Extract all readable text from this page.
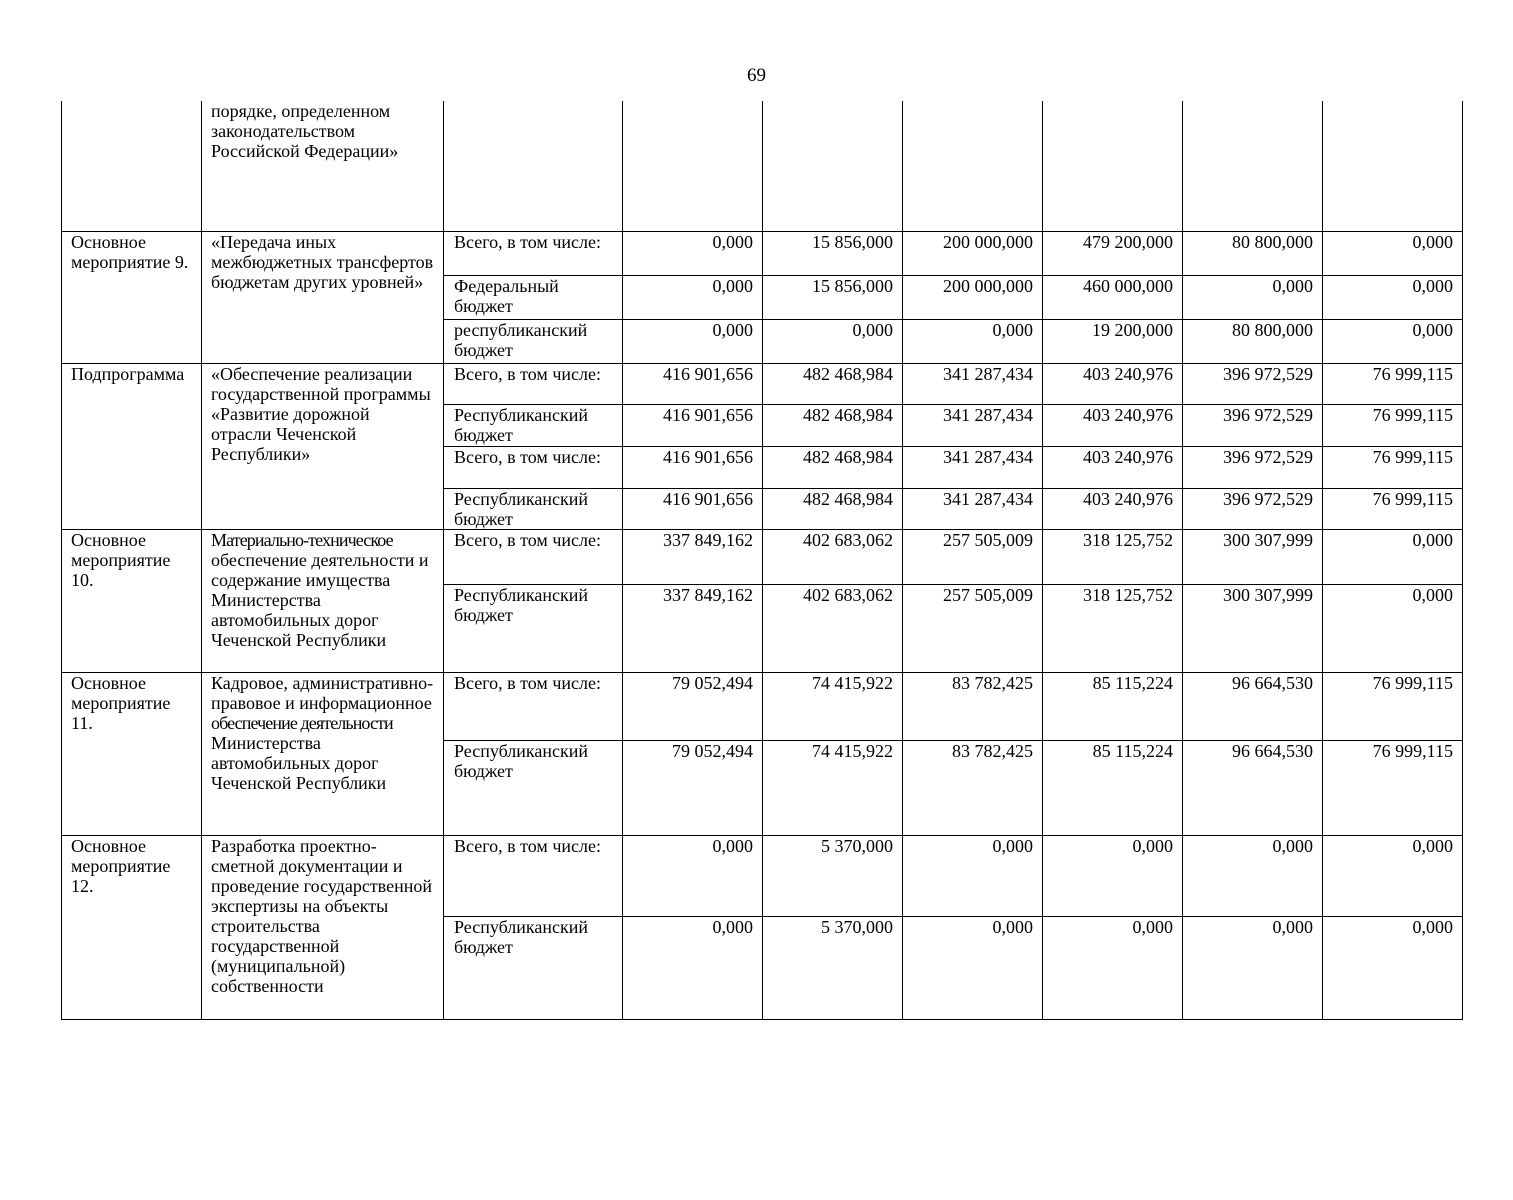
69
	порядке, определенном законодательством Российской Федерации»							
Основное мероприятие 9.	«Передача иных межбюджетных трансфертов бюджетам других уровней»	Всего, в том числе:	0,000	15 856,000	200 000,000	479 200,000	80 800,000	0,000
		Федеральный бюджет	0,000	15 856,000	200 000,000	460 000,000	0,000	0,000
		республиканский бюджет	0,000	0,000	0,000	19 200,000	80 800,000	0,000
Подпрограмма	«Обеспечение реализации государственной программы «Развитие дорожной отрасли Чеченской Республики»	Всего, в том числе:	416 901,656	482 468,984	341 287,434	403 240,976	396 972,529	76 999,115
		Республиканский бюджет	416 901,656	482 468,984	341 287,434	403 240,976	396 972,529	76 999,115
		Всего, в том числе:	416 901,656	482 468,984	341 287,434	403 240,976	396 972,529	76 999,115
		Республиканский бюджет	416 901,656	482 468,984	341 287,434	403 240,976	396 972,529	76 999,115
Основное мероприятие 10.	Материально-техническое обеспечение деятельности и содержание имущества Министерства автомобильных дорог Чеченской Республики	Всего, в том числе:	337 849,162	402 683,062	257 505,009	318 125,752	300 307,999	0,000
		Республиканский бюджет	337 849,162	402 683,062	257 505,009	318 125,752	300 307,999	0,000
Основное мероприятие 11.	Кадровое, административно-правовое и информационное обеспечение деятельности Министерства автомобильных дорог Чеченской Республики	Всего, в том числе:	79 052,494	74 415,922	83 782,425	85 115,224	96 664,530	76 999,115
		Республиканский бюджет	79 052,494	74 415,922	83 782,425	85 115,224	96 664,530	76 999,115
Основное мероприятие 12.	Разработка проектно-сметной документации и проведение государственной экспертизы на объекты строительства государственной (муниципальной) собственности	Всего, в том числе:	0,000	5 370,000	0,000	0,000	0,000	0,000
		Республиканский бюджет	0,000	5 370,000	0,000	0,000	0,000	0,000
